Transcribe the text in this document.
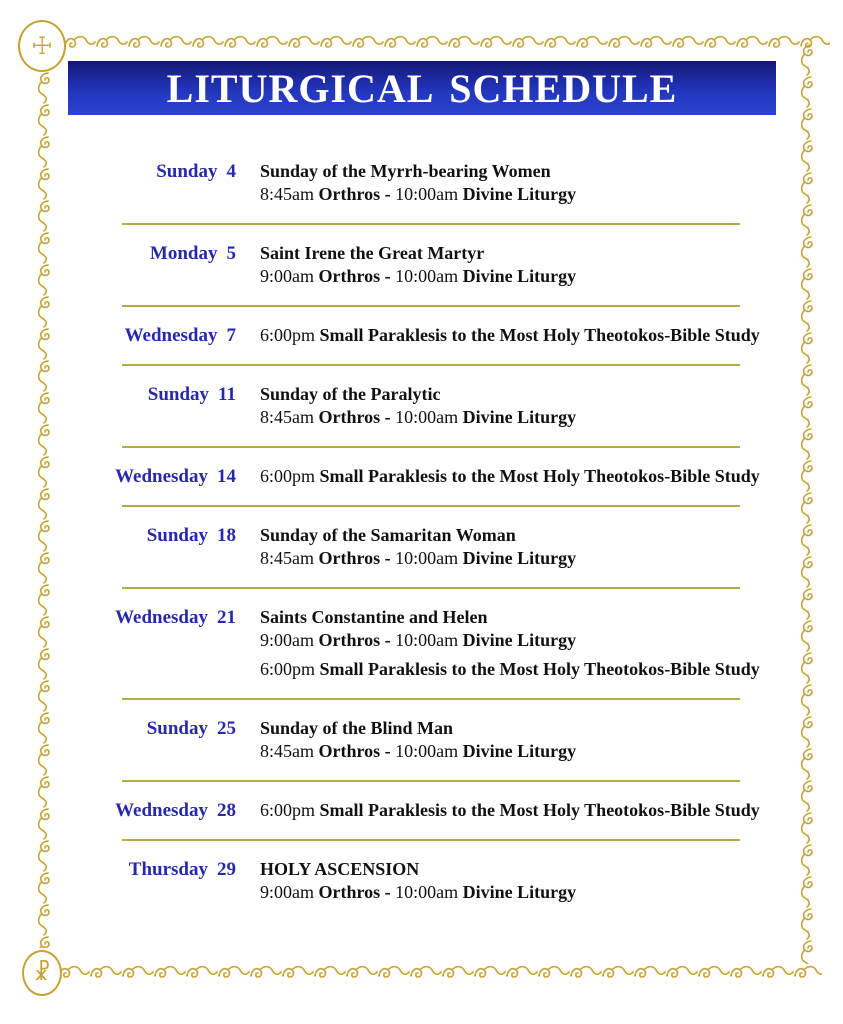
☩
☧
LITURGICAL SCHEDULE
Sunday 4 Sunday of the Myrrh-bearing Women
8:45am Orthros - 10:00am Divine Liturgy
Monday 5 Saint Irene the Great Martyr
9:00am Orthros - 10:00am Divine Liturgy
Wednesday 7 6:00pm Small Paraklesis to the Most Holy Theotokos-Bible Study
Sunday 11 Sunday of the Paralytic
8:45am Orthros - 10:00am Divine Liturgy
Wednesday 14 6:00pm Small Paraklesis to the Most Holy Theotokos-Bible Study
Sunday 18 Sunday of the Samaritan Woman
8:45am Orthros - 10:00am Divine Liturgy
Wednesday 21 Saints Constantine and Helen
9:00am Orthros - 10:00am Divine Liturgy
6:00pm Small Paraklesis to the Most Holy Theotokos-Bible Study
Sunday 25 Sunday of the Blind Man
8:45am Orthros - 10:00am Divine Liturgy
Wednesday 28 6:00pm Small Paraklesis to the Most Holy Theotokos-Bible Study
Thursday 29 HOLY ASCENSION
9:00am Orthros - 10:00am Divine Liturgy
